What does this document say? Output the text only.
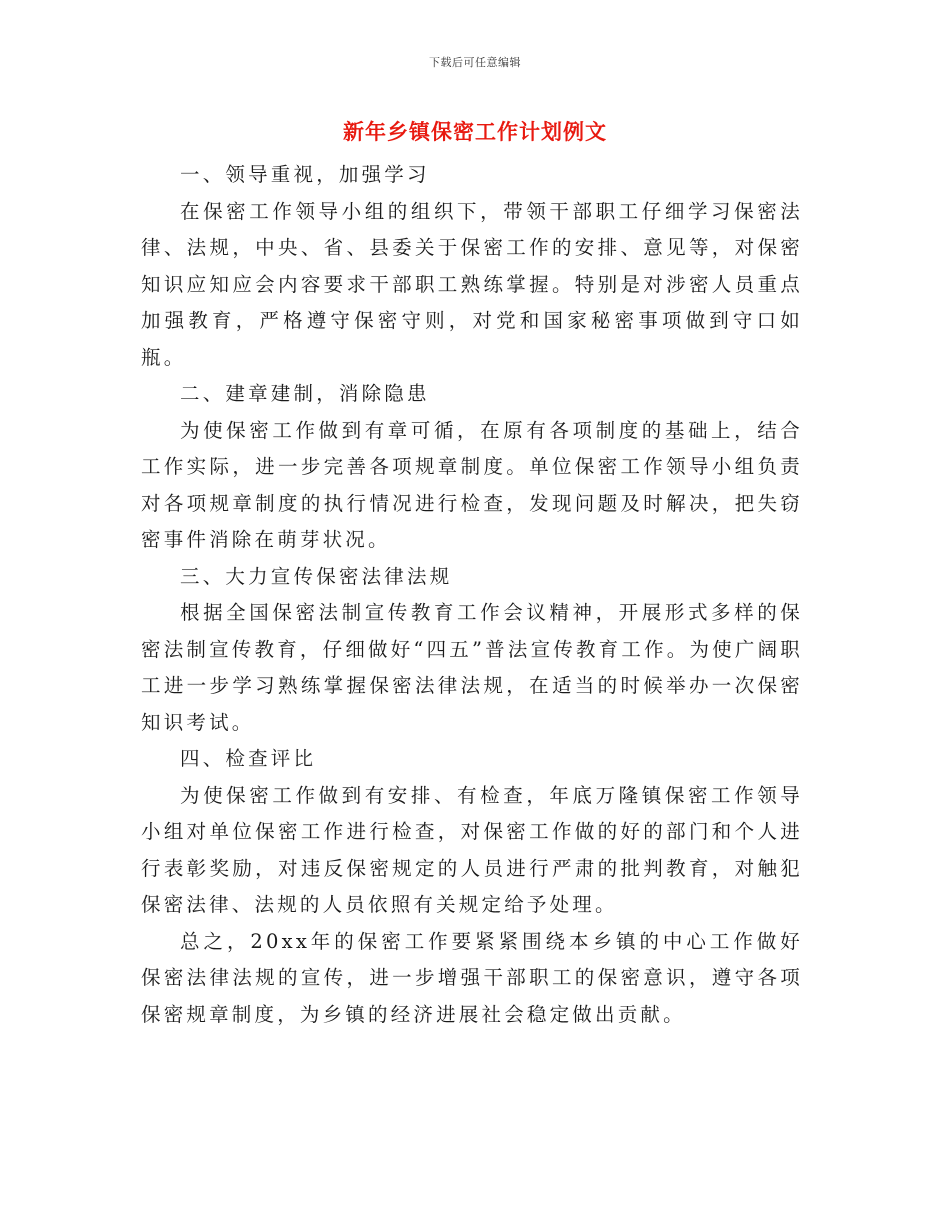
下载后可任意编辑
新年乡镇保密工作计划例文

一、领导重视，加强学习

在保密工作领导小组的组织下，带领干部职工仔细学习保密法律、法规，中央、省、县委关于保密工作的安排、意见等，对保密知识应知应会内容要求干部职工熟练掌握。特别是对涉密人员重点加强教育，严格遵守保密守则，对党和国家秘密事项做到守口如瓶。

二、建章建制，消除隐患

为使保密工作做到有章可循，在原有各项制度的基础上，结合工作实际，进一步完善各项规章制度。单位保密工作领导小组负责对各项规章制度的执行情况进行检查，发现问题及时解决，把失窃密事件消除在萌芽状况。

三、大力宣传保密法律法规

根据全国保密法制宣传教育工作会议精神，开展形式多样的保密法制宣传教育，仔细做好“四五”普法宣传教育工作。为使广阔职工进一步学习熟练掌握保密法律法规，在适当的时候举办一次保密知识考试。

四、检查评比

为使保密工作做到有安排、有检查，年底万隆镇保密工作领导小组对单位保密工作进行检查，对保密工作做的好的部门和个人进行表彰奖励，对违反保密规定的人员进行严肃的批判教育，对触犯保密法律、法规的人员依照有关规定给予处理。

总之，20xx年的保密工作要紧紧围绕本乡镇的中心工作做好保密法律法规的宣传，进一步增强干部职工的保密意识，遵守各项保密规章制度，为乡镇的经济进展社会稳定做出贡献。
